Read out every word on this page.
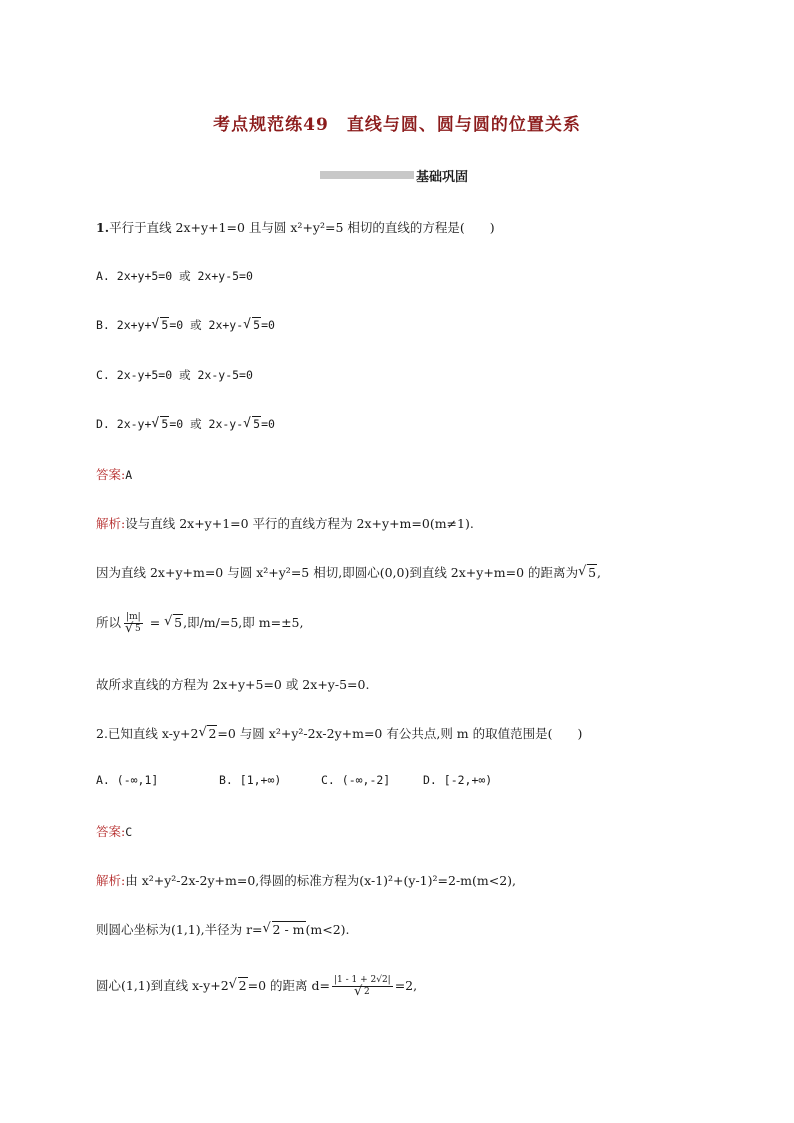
考点规范练49　直线与圆、圆与圆的位置关系
基础巩固
1.平行于直线 2x+y+1=0 且与圆 x²+y²=5 相切的直线的方程是(　　)
A. 2x+y+5=0 或 2x+y-5=0
B. 2x+y+ √ 5=0 或 2x+y- √ 5=0
C. 2x-y+5=0 或 2x-y-5=0
D. 2x-y+ √ 5=0 或 2x-y- √ 5=0
答案:A
解析:设与直线 2x+y+1=0 平行的直线方程为 2x+y+m=0(m≠1).
因为直线 2x+y+m=0 与圆 x²+y²=5 相切,即圆心(0,0)到直线 2x+y+m=0 的距离为 √ 5,
所以 |m|
√ 5 = √ 5,即/m/=5,即 m=±5,
故所求直线的方程为 2x+y+5=0 或 2x+y-5=0.
2.已知直线 x-y+2 √ 2=0 与圆 x²+y²-2x-2y+m=0 有公共点,则 m 的取值范围是(　　)
A. (-∞,1]	B. [1,+∞)	C. (-∞,-2]	D. [-2,+∞)
答案:C
解析:由 x²+y²-2x-2y+m=0,得圆的标准方程为(x-1)²+(y-1)²=2-m(m<2),
则圆心坐标为(1,1),半径为 r= √ 2 - m(m<2).
圆心(1,1)到直线 x-y+2 √ 2=0 的距离 d= |1 - 1 + 2√2|
√ 2 =2,
